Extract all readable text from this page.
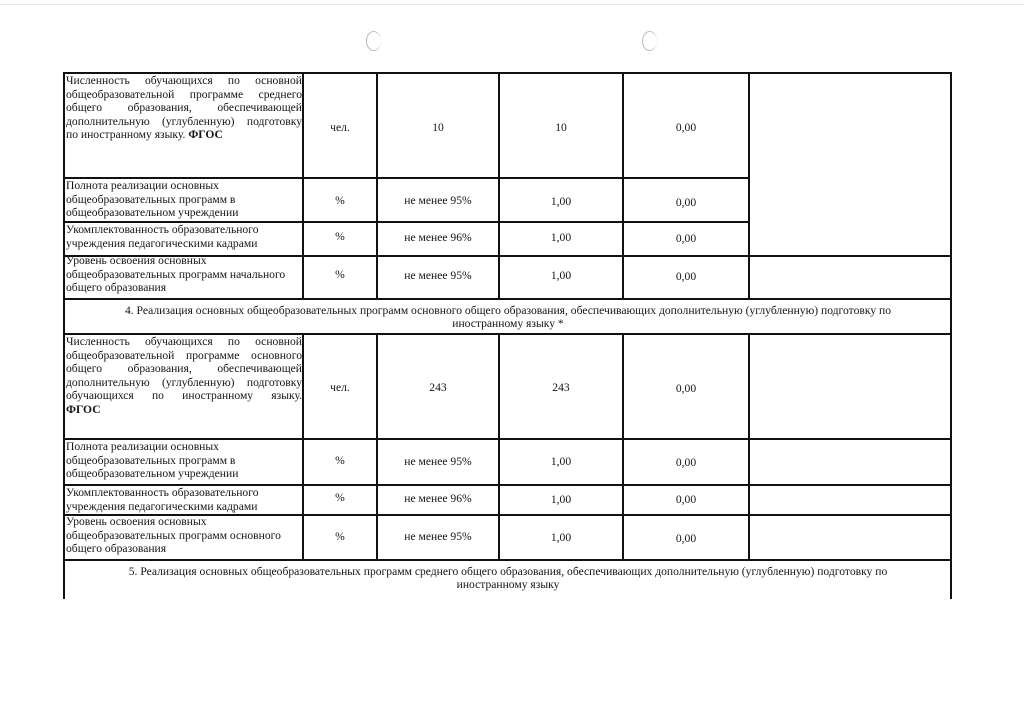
Численность обучающихся по основной
общеобразовательной программе среднего
общего образования, обеспечивающей
дополнительную (углубленную) подготовку
по иностранному языку. ФГОС
чел.	10	10	0,00
Полнота реализации основных
общеобразовательных программ в
общеобразовательном учреждении
%	не менее 95%	1,00	0,00
Укомплектованность образовательного
учреждения педагогическими кадрами
%	не менее 96%	1,00	0,00
Уровень освоения основных
общеобразовательных программ начального
общего образования
%	не менее 95%	1,00	0,00
4. Реализация основных общеобразовательных программ основного общего образования, обеспечивающих дополнительную (углубленную) подготовку по
иностранному языку *
Численность обучающихся по основной
общеобразовательной программе основного
общего образования, обеспечивающей
дополнительную (углубленную) подготовку
обучающихся по иностранному языку.
ФГОС
чел.	243	243	0,00
Полнота реализации основных
общеобразовательных программ в
общеобразовательном учреждении
%	не менее 95%	1,00	0,00
Укомплектованность образовательного
учреждения педагогическими кадрами
%	не менее 96%	1,00	0,00
Уровень освоения основных
общеобразовательных программ основного
общего образования
%	не менее 95%	1,00	0,00
5. Реализация основных общеобразовательных программ среднего общего образования, обеспечивающих дополнительную (углубленную) подготовку по
иностранному языку
